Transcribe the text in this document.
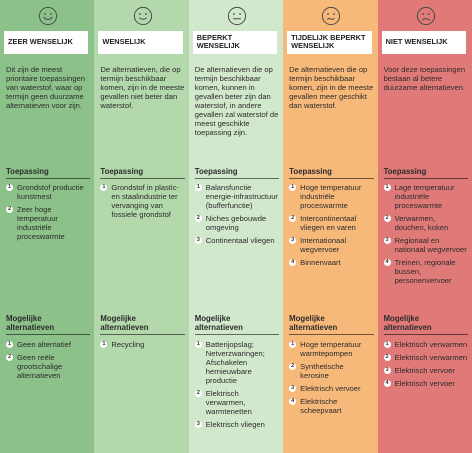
ZEER WENSELIJK
Dit zijn de meest prioritaire toepassingen van waterstof, waar op termijn geen duurzame alternatieven voor zijn.
Toepassing
1 Grondstof productie kunstmest
2 Zeer hoge temperatuur industriële proceswarmte
Mogelijke alternatieven
1 Geen alternatief
2 Geen reële grootschalige alternatieven
WENSELIJK
De alternatieven, die op termijn beschikbaar komen, zijn in de meeste gevallen niet beter dan waterstof.
Toepassing
1 Grondstof in plastic- en staalindustrie ter vervanging van fossiele grondstof
Mogelijke alternatieven
1 Recycling
BEPERKT WENSELIJK
De alternatieven die op termijn beschikbaar komen, kunnen in gevallen beter zijn dan waterstof, in andere gevallen zal waterstof de meest geschikte toepassing zijn.
Toepassing
1 Balansfunctie energie-infrastructuur (bufferfunctie)
2 Niches gebouwde omgeving
3 Continentaal vliegen
Mogelijke alternatieven
1 Batterijopslag; Netverzwaringen; Afschakelen hernieuwbare productie
2 Elektrisch verwarmen, warmtenetten
3 Elektrisch vliegen
TIJDELIJK BEPERKT WENSELIJK
De alternatieven die op termijn beschikbaar komen, zijn in de meeste gevallen meer geschikt dan waterstof.
Toepassing
1 Hoge temperatuur industriële proceswarmte
2 Intercontinentaal vliegen en varen
3 Internationaal wegvervoer
4 Binnenvaart
Mogelijke alternatieven
1 Hoge temperatuur warmtepompen
2 Synthetische kerosine
3 Elektrisch vervoer
4 Elektrische scheepvaart
NIET WENSELIJK
Voor deze toepassingen bestaan al betere duurzame alternatieven.
Toepassing
1 Lage temperatuur industriële proceswarmte
2 Verwarmen, douchen, koken
3 Regionaal en nationaal wegvervoer
4 Treinen, regionale bussen, personenvervoer
Mogelijke alternatieven
1 Elektrisch verwarmen
2 Elektrisch verwarmen
3 Elektrisch vervoer
4 Elektrisch vervoer
